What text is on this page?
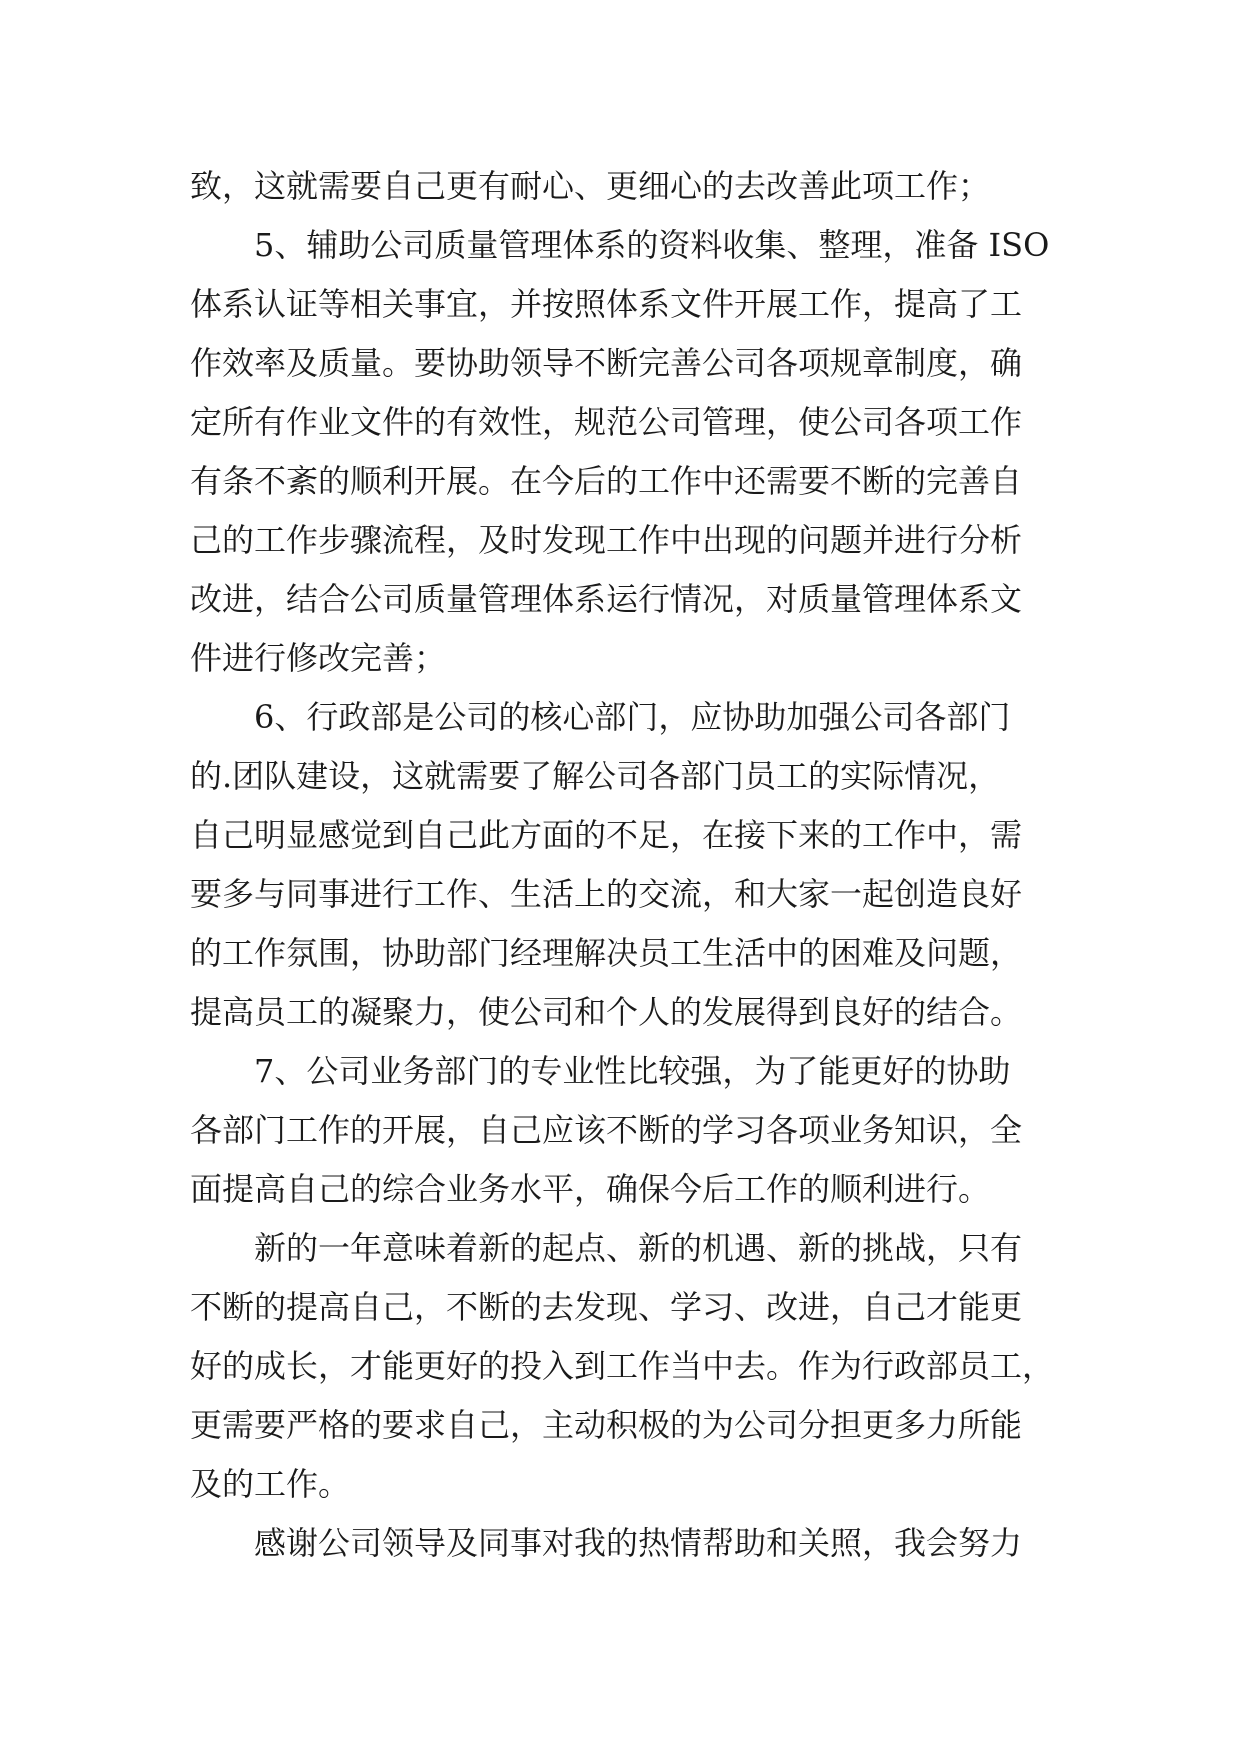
致，这就需要自己更有耐心、更细心的去改善此项工作；
5、辅助公司质量管理体系的资料收集、整理，准备 ISO
体系认证等相关事宜，并按照体系文件开展工作，提高了工
作效率及质量。要协助领导不断完善公司各项规章制度，确
定所有作业文件的有效性，规范公司管理，使公司各项工作
有条不紊的顺利开展。在今后的工作中还需要不断的完善自
己的工作步骤流程，及时发现工作中出现的问题并进行分析
改进，结合公司质量管理体系运行情况，对质量管理体系文
件进行修改完善；
6、行政部是公司的核心部门，应协助加强公司各部门
的.团队建设，这就需要了解公司各部门员工的实际情况，
自己明显感觉到自己此方面的不足，在接下来的工作中，需
要多与同事进行工作、生活上的交流，和大家一起创造良好
的工作氛围，协助部门经理解决员工生活中的困难及问题，
提高员工的凝聚力，使公司和个人的发展得到良好的结合。
7、公司业务部门的专业性比较强，为了能更好的协助
各部门工作的开展，自己应该不断的学习各项业务知识，全
面提高自己的综合业务水平，确保今后工作的顺利进行。
新的一年意味着新的起点、新的机遇、新的挑战，只有
不断的提高自己，不断的去发现、学习、改进，自己才能更
好的成长，才能更好的投入到工作当中去。作为行政部员工，
更需要严格的要求自己，主动积极的为公司分担更多力所能
及的工作。
感谢公司领导及同事对我的热情帮助和关照，我会努力
